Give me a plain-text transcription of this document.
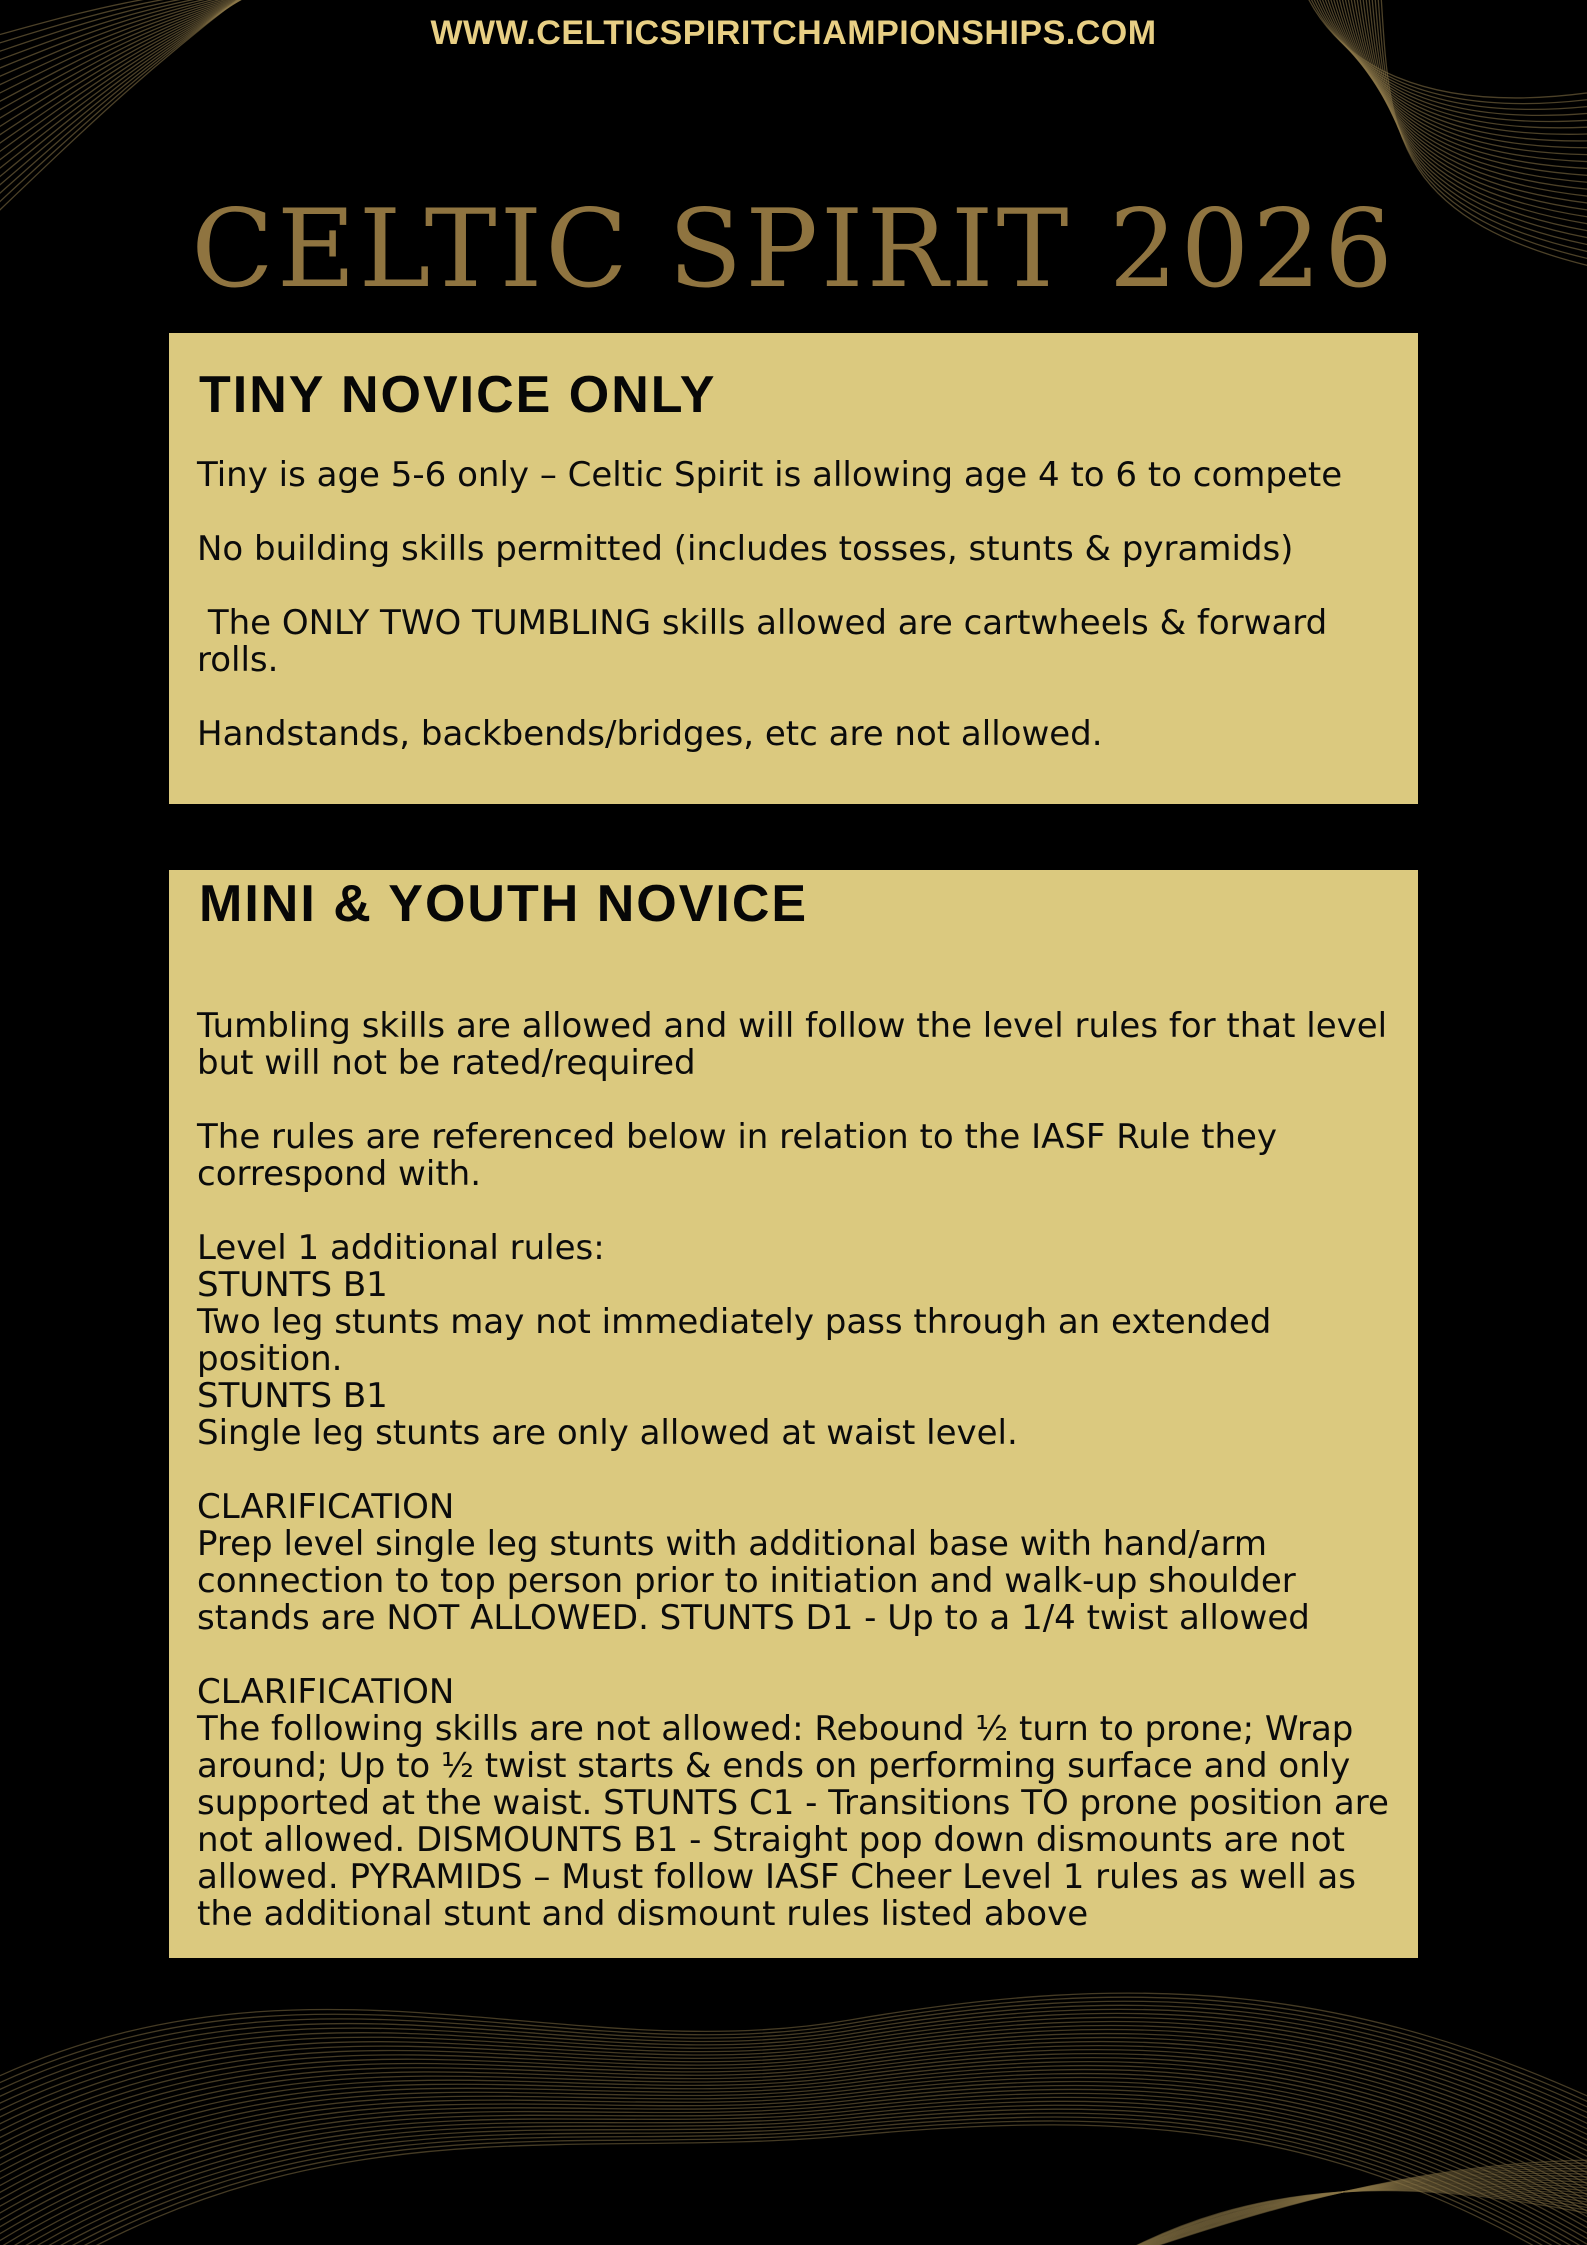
WWW.CELTICSPIRITCHAMPIONSHIPS.COM
CELTIC SPIRIT 2026
TINY NOVICE ONLY

Tiny is age 5-6 only – Celtic Spirit is allowing age 4 to 6 to compete

No building skills permitted (includes tosses, stunts & pyramids)

The ONLY TWO TUMBLING skills allowed are cartwheels & forward rolls.

Handstands, backbends/bridges, etc are not allowed.

MINI & YOUTH NOVICE

Tumbling skills are allowed and will follow the level rules for that level but will not be rated/required

The rules are referenced below in relation to the IASF Rule they correspond with.

Level 1 additional rules:
STUNTS B1
Two leg stunts may not immediately pass through an extended position.
STUNTS B1
Single leg stunts are only allowed at waist level.

CLARIFICATION
Prep level single leg stunts with additional base with hand/arm connection to top person prior to initiation and walk-up shoulder stands are NOT ALLOWED. STUNTS D1 - Up to a 1/4 twist allowed

CLARIFICATION
The following skills are not allowed: Rebound ½ turn to prone; Wrap around; Up to ½ twist starts & ends on performing surface and only supported at the waist. STUNTS C1 - Transitions TO prone position are not allowed. DISMOUNTS B1 - Straight pop down dismounts are not allowed. PYRAMIDS – Must follow IASF Cheer Level 1 rules as well as the additional stunt and dismount rules listed above
